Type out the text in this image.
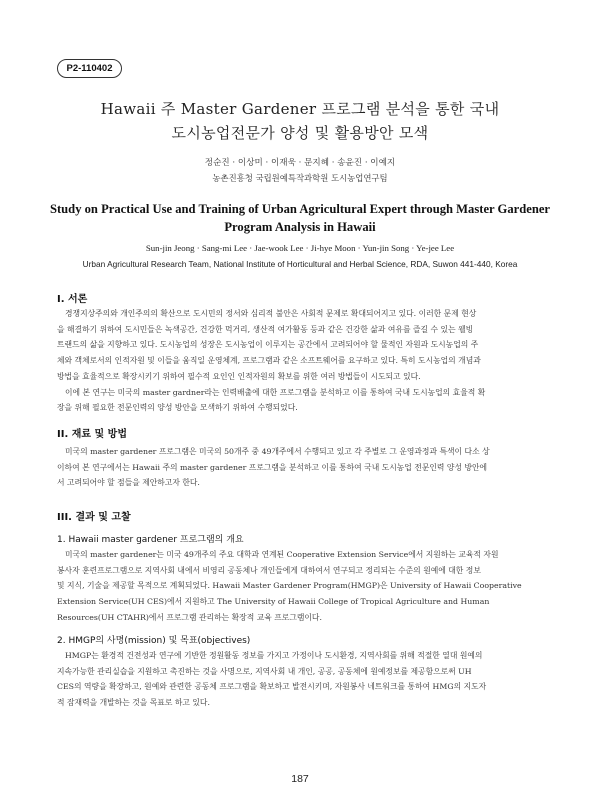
P2-110402
Hawaii 주 Master Gardener 프로그램 분석을 통한 국내
도시농업전문가 양성 및 활용방안 모색
정순진 · 이상미 · 이재욱 · 문지혜 · 송윤진 · 이예지
농촌진흥청 국립원예특작과학원 도시농업연구팀
Study on Practical Use and Training of Urban Agricultural Expert through Master Gardener
Program Analysis in Hawaii
Sun-jin Jeong · Sang-mi Lee · Jae-wook Lee · Ji-hye Moon · Yun-jin Song · Ye-jee Lee
Urban Agricultural Research Team, National Institute of Horticultural and Herbal Science, RDA, Suwon 441-440, Korea
I. 서론
경쟁지상주의와 개인주의의 확산으로 도시민의 정서와 심리적 불안은 사회적 문제로 확대되어지고 있다. 이러한 문제 현상
을 해결하기 위하여 도시민들은 녹색공간, 건강한 먹거리, 생산적 여가활동 등과 같은 건강한 삶과 여유를 즐길 수 있는 웰빙
트랜드의 삶을 지향하고 있다. 도시농업의 성장은 도시농업이 이루지는 공간에서 고려되어야 할 물적인 자원과 도시농업의 주
체와 객체로서의 인적자원 및 이들을 움직일 운영체계, 프로그램과 같은 소프트웨어를 요구하고 있다. 특히 도시농업의 개념과
방법을 효율적으로 확장시키기 위하여 필수적 요인인 인적자원의 확보를 위한 여러 방법들이 시도되고 있다.
이에 본 연구는 미국의 master gardner라는 인력배출에 대한 프로그램을 분석하고 이를 통하여 국내 도시농업의 효율적 확
장을 위해 필요한 전문인력의 양성 방안을 모색하기 위하여 수행되었다.
II. 재료 및 방법
미국의 master gardener 프로그램은 미국의 50개주 중 49개주에서 수행되고 있고 각 주별로 그 운영과정과 특색이 다소 상
이하여 본 연구에서는 Hawaii 주의 master gardener 프로그램을 분석하고 이를 통하여 국내 도시농업 전문인력 양성 방안에
서 고려되어야 할 점들을 제안하고자 한다.
III. 결과 및 고찰
1. Hawaii master gardener 프로그램의 개요
미국의 master gardener는 미국 49개주의 주요 대학과 연계된 Cooperative Extension Service에서 지원하는 교육적 자원
봉사자 훈련프로그램으로 지역사회 내에서 비영리 공동체나 개인들에게 대하여서 연구되고 정리되는 수준의 원예에 대한 정보
및 지식, 기술을 제공할 목적으로 계획되었다. Hawaii Master Gardener Program(HMGP)은 University of Hawaii Cooperative
Extension Service(UH CES)에서 지원하고 The University of Hawaii College of Tropical Agriculture and Human
Resources(UH CTAHR)에서 프로그램 관리하는 확장적 교육 프로그램이다.
2. HMGP의 사명(mission) 및 목표(objectives)
HMGP는 환경적 건전성과 연구에 기반한 정원활동 정보를 가지고 가정이나 도시환경, 지역사회를 위해 적절한 열대 원예의
지속가능한 관리실습을 지원하고 촉진하는 것을 사명으로, 지역사회 내 개인, 공공, 공동체에 원예정보를 제공함으로써 UH
CES의 역량을 확장하고, 원예와 관련한 공동체 프로그램을 확보하고 발전시키며, 자원봉사 네트워크를 통하여 HMG의 지도자
적 잠재력을 개발하는 것을 목표로 하고 있다.
187
